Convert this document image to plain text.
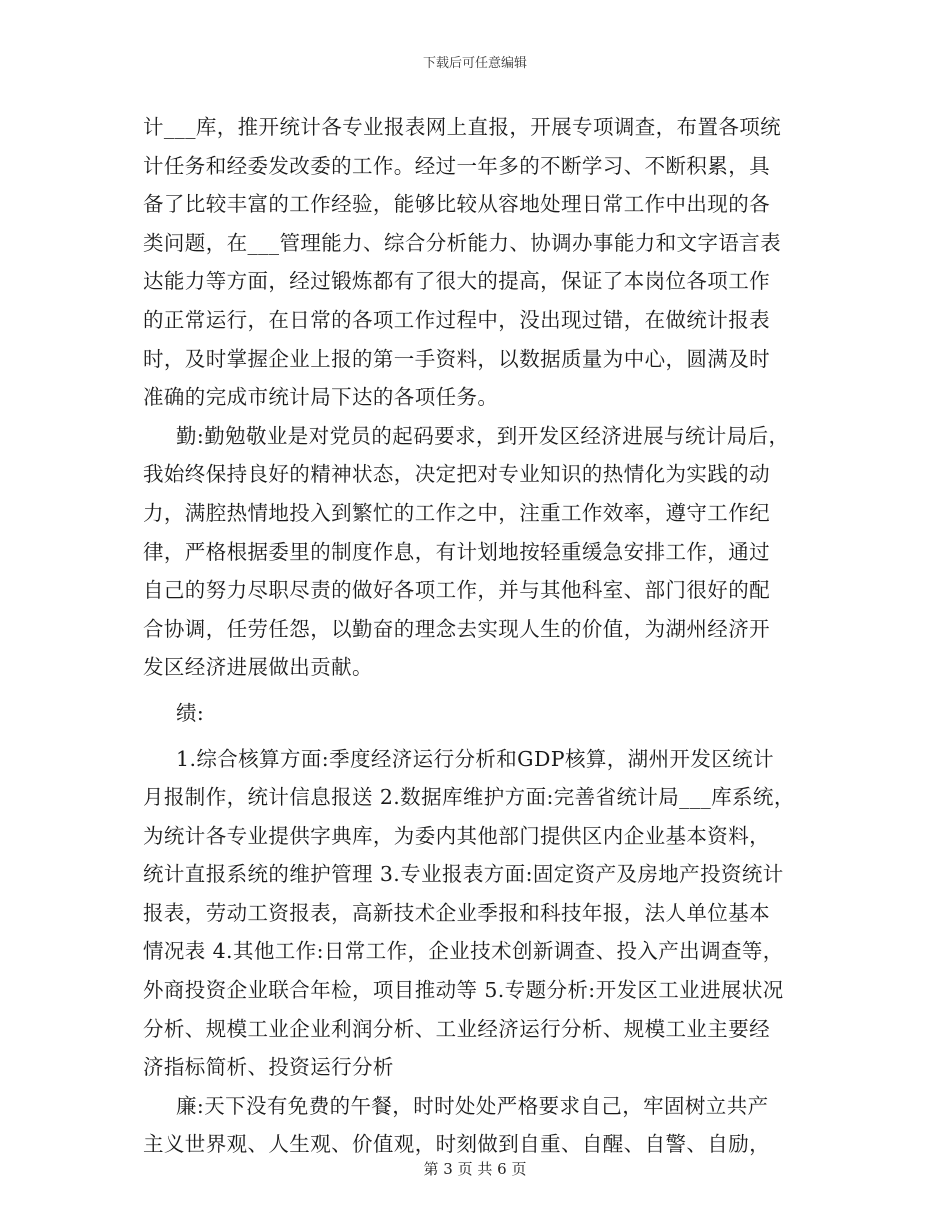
下载后可任意编辑
计___库，推开统计各专业报表网上直报，开展专项调查，布置各项统
计任务和经委发改委的工作。经过一年多的不断学习、不断积累，具
备了比较丰富的工作经验，能够比较从容地处理日常工作中出现的各
类问题，在___管理能力、综合分析能力、协调办事能力和文字语言表
达能力等方面，经过锻炼都有了很大的提高，保证了本岗位各项工作
的正常运行，在日常的各项工作过程中，没出现过错，在做统计报表
时，及时掌握企业上报的第一手资料，以数据质量为中心，圆满及时
准确的完成市统计局下达的各项任务。
勤:勤勉敬业是对党员的起码要求，到开发区经济进展与统计局后，
我始终保持良好的精神状态，决定把对专业知识的热情化为实践的动
力，满腔热情地投入到繁忙的工作之中，注重工作效率，遵守工作纪
律，严格根据委里的制度作息，有计划地按轻重缓急安排工作，通过
自己的努力尽职尽责的做好各项工作，并与其他科室、部门很好的配
合协调，任劳任怨，以勤奋的理念去实现人生的价值，为湖州经济开
发区经济进展做出贡献。
绩:
1.综合核算方面:季度经济运行分析和GDP核算，湖州开发区统计
月报制作，统计信息报送 2.数据库维护方面:完善省统计局___库系统，
为统计各专业提供字典库，为委内其他部门提供区内企业基本资料，
统计直报系统的维护管理 3.专业报表方面:固定资产及房地产投资统计
报表，劳动工资报表，高新技术企业季报和科技年报，法人单位基本
情况表 4.其他工作:日常工作，企业技术创新调查、投入产出调查等，
外商投资企业联合年检，项目推动等 5.专题分析:开发区工业进展状况
分析、规模工业企业利润分析、工业经济运行分析、规模工业主要经
济指标简析、投资运行分析
廉:天下没有免费的午餐，时时处处严格要求自己，牢固树立共产
主义世界观、人生观、价值观，时刻做到自重、自醒、自警、自励，
第 3 页 共 6 页
